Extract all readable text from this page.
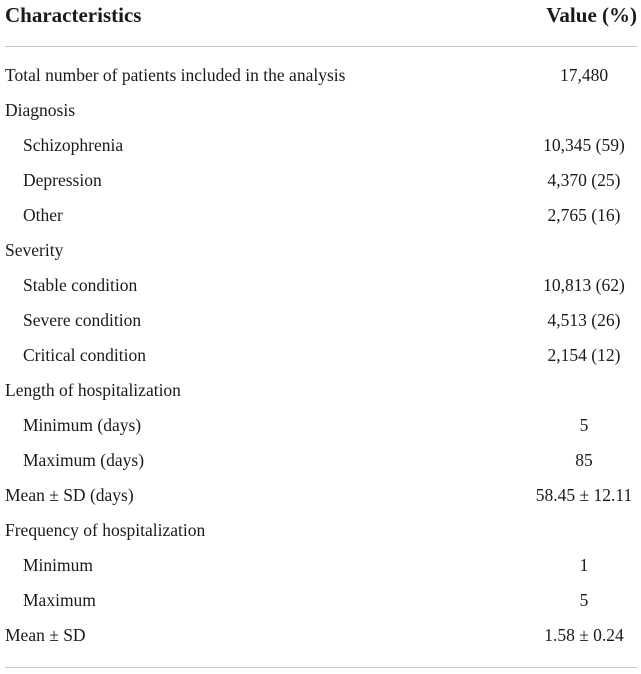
Characteristics	Value (%)
Total number of patients included in the analysis	17,480
Diagnosis
Schizophrenia	10,345 (59)
Depression	4,370 (25)
Other	2,765 (16)
Severity
Stable condition	10,813 (62)
Severe condition	4,513 (26)
Critical condition	2,154 (12)
Length of hospitalization
Minimum (days)	5
Maximum (days)	85
Mean ± SD (days)	58.45 ± 12.11
Frequency of hospitalization
Minimum	1
Maximum	5
Mean ± SD	1.58 ± 0.24
